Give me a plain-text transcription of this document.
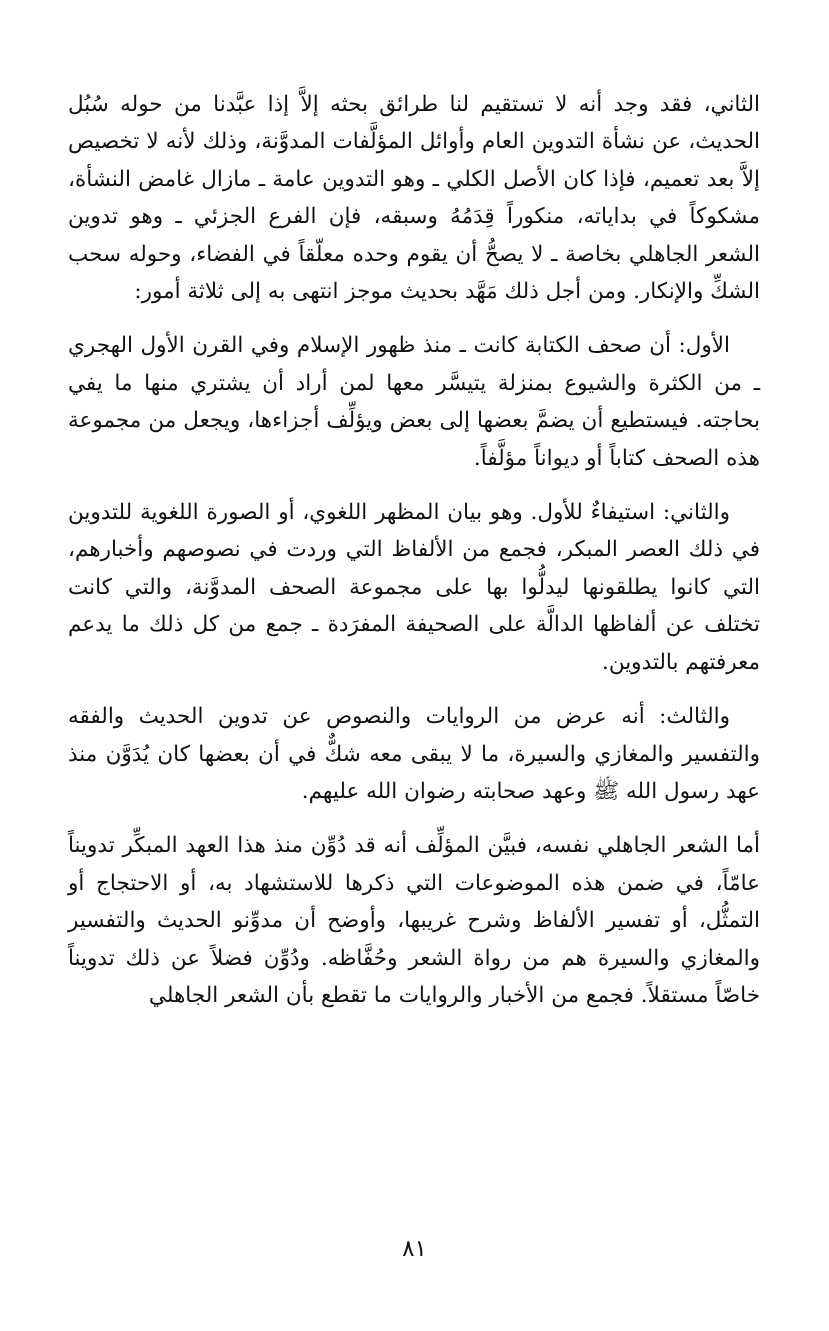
الثاني، فقد وجد أنه لا تستقيم لنا طرائق بحثه إلاَّ إذا عبَّدنا من حوله سُبُل الحديث، عن نشأة التدوين العام وأوائل المؤلَّفات المدوَّنة، وذلك لأنه لا تخصيص إلاَّ بعد تعميم، فإذا كان الأصل الكلي ـ وهو التدوين عامة ـ مازال غامض النشأة، مشكوكاً في بداياته، منكوراً قِدَمُهُ وسبقه، فإن الفرع الجزئي ـ وهو تدوين الشعر الجاهلي بخاصة ـ لا يصحُّ أن يقوم وحده معلّقاً في الفضاء، وحوله سحب الشكِّ والإنكار. ومن أجل ذلك مَهَّد بحديث موجز انتهى به إلى ثلاثة أمور:

الأول: أن صحف الكتابة كانت ـ منذ ظهور الإسلام وفي القرن الأول الهجري ـ من الكثرة والشيوع بمنزلة يتيسَّر معها لمن أراد أن يشتري منها ما يفي بحاجته. فيستطيع أن يضمَّ بعضها إلى بعض ويؤلِّف أجزاءها، ويجعل من مجموعة هذه الصحف كتاباً أو ديواناً مؤلَّفاً.

والثاني: استيفاءٌ للأول. وهو بيان المظهر اللغوي، أو الصورة اللغوية للتدوين في ذلك العصر المبكر، فجمع من الألفاظ التي وردت في نصوصهم وأخبارهم، التي كانوا يطلقونها ليدلُّوا بها على مجموعة الصحف المدوَّنة، والتي كانت تختلف عن ألفاظها الدالَّة على الصحيفة المفرَدة ـ جمع من كل ذلك ما يدعم معرفتهم بالتدوين.

والثالث: أنه عرض من الروايات والنصوص عن تدوين الحديث والفقه والتفسير والمغازي والسيرة، ما لا يبقى معه شكٌّ في أن بعضها كان يُدَوَّن منذ عهد رسول الله ﷺ وعهد صحابته رضوان الله عليهم.

أما الشعر الجاهلي نفسه، فبيَّن المؤلِّف أنه قد دُوِّن منذ هذا العهد المبكِّر تدويناً عامّاً، في ضمن هذه الموضوعات التي ذكرها للاستشهاد به، أو الاحتجاج أو التمثُّل، أو تفسير الألفاظ وشرح غريبها، وأوضح أن مدوِّنو الحديث والتفسير والمغازي والسيرة هم من رواة الشعر وحُفَّاظه. ودُوِّن فضلاً عن ذلك تدويناً خاصّاً مستقلاً. فجمع من الأخبار والروايات ما تقطع بأن الشعر الجاهلي

٨١
